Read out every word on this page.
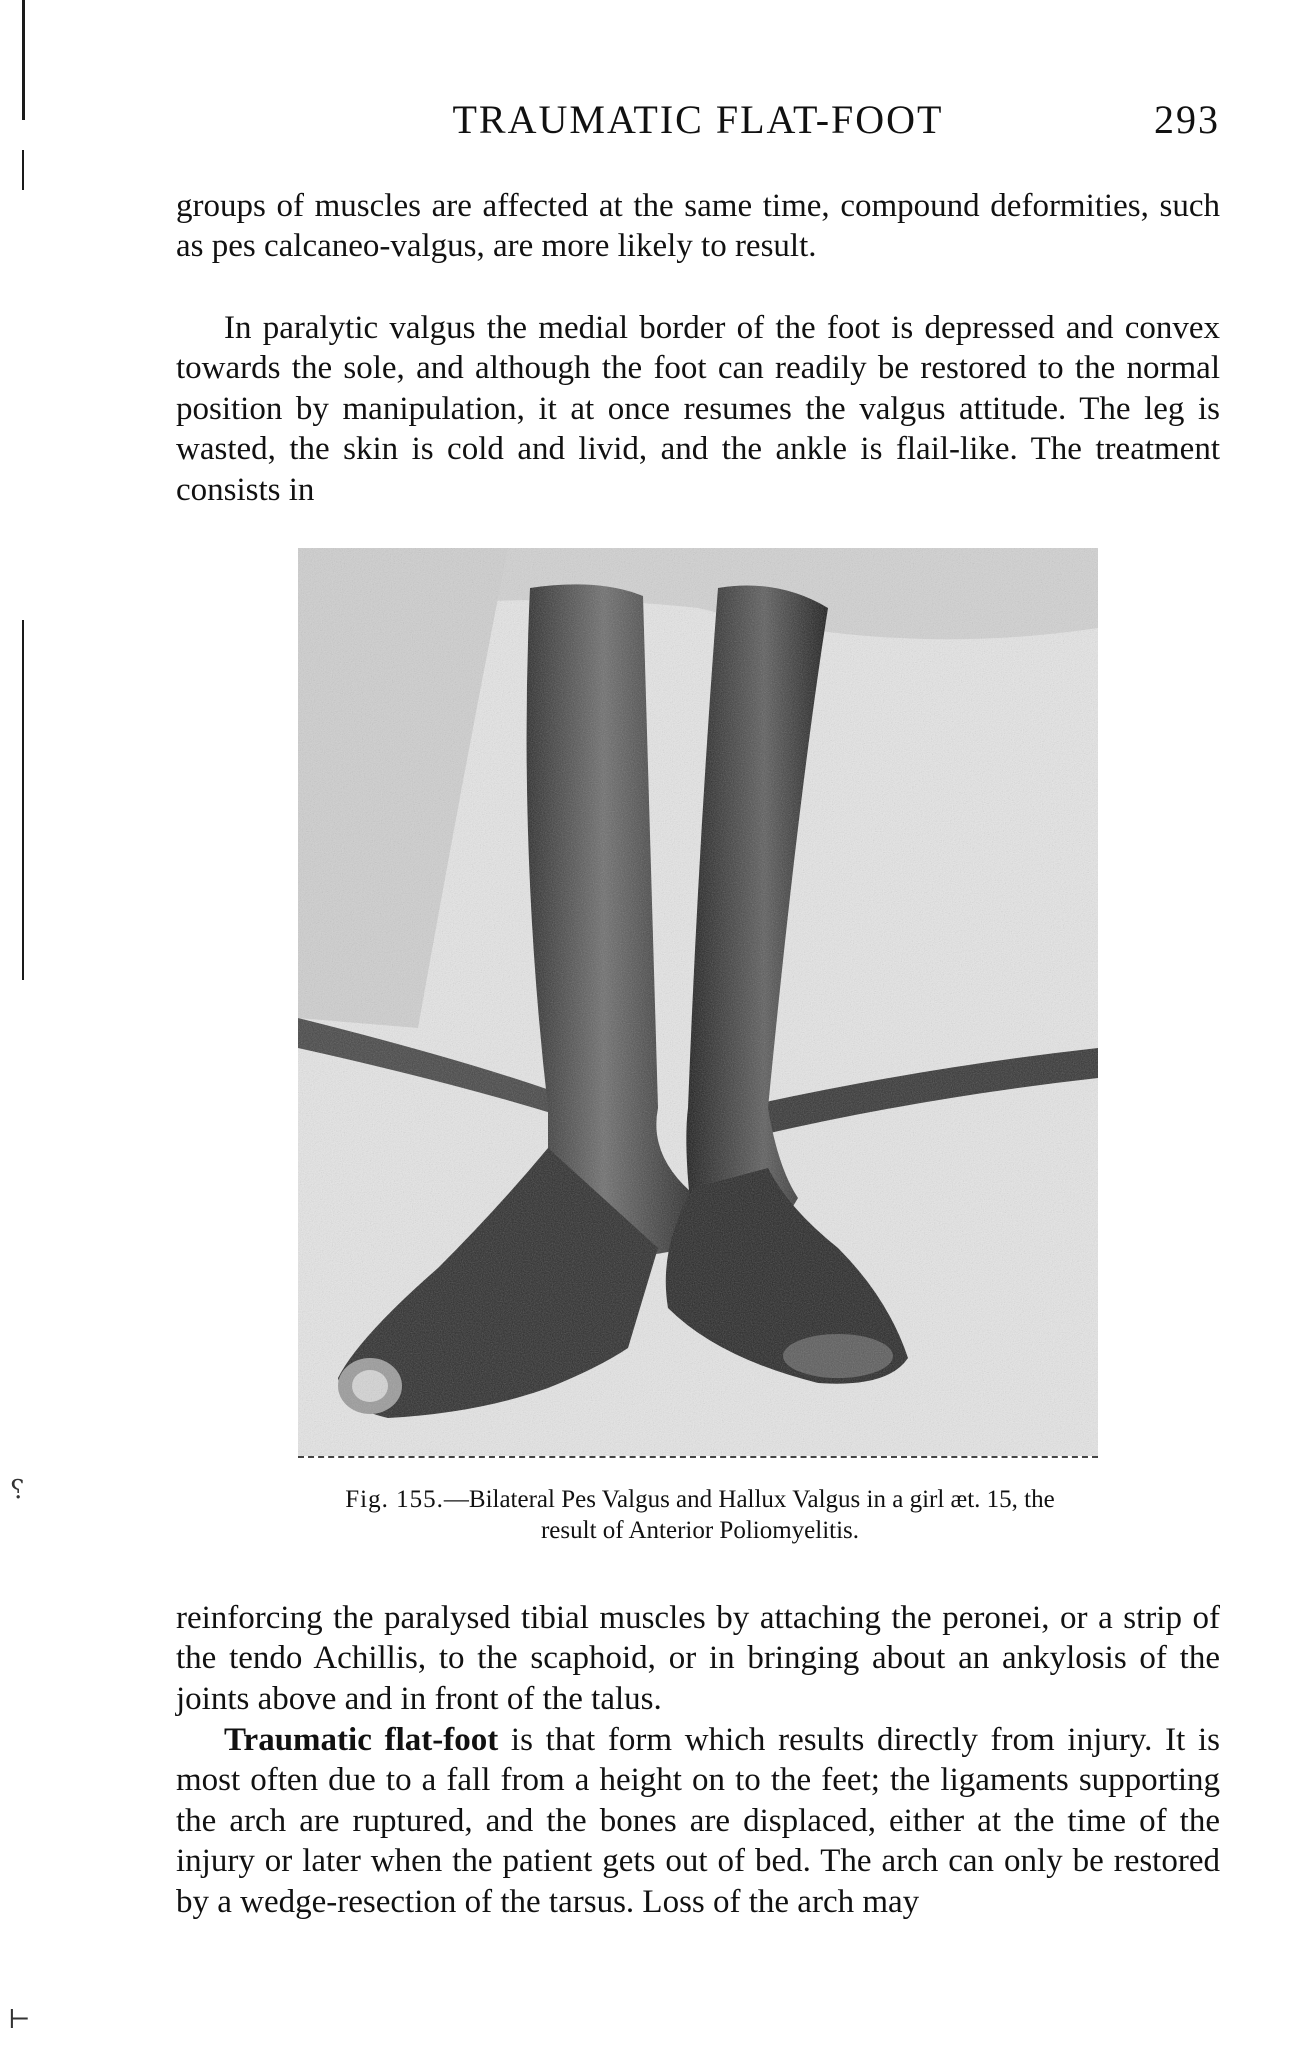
⸮
⊢
TRAUMATIC FLAT-FOOT	293

groups of muscles are affected at the same time, compound deformities, such as pes calcaneo-valgus, are more likely to result.

In paralytic valgus the medial border of the foot is depressed and convex towards the sole, and although the foot can readily be restored to the normal position by manipulation, it at once resumes the valgus attitude. The leg is wasted, the skin is cold and livid, and the ankle is flail-like. The treatment consists in

Fig. 155.—Bilateral Pes Valgus and Hallux Valgus in a girl æt. 15, the
result of Anterior Poliomyelitis.

reinforcing the paralysed tibial muscles by attaching the peronei, or a strip of the tendo Achillis, to the scaphoid, or in bringing about an ankylosis of the joints above and in front of the talus.

Traumatic flat-foot is that form which results directly from injury. It is most often due to a fall from a height on to the feet; the ligaments supporting the arch are ruptured, and the bones are displaced, either at the time of the injury or later when the patient gets out of bed. The arch can only be restored by a wedge-resection of the tarsus. Loss of the arch may
